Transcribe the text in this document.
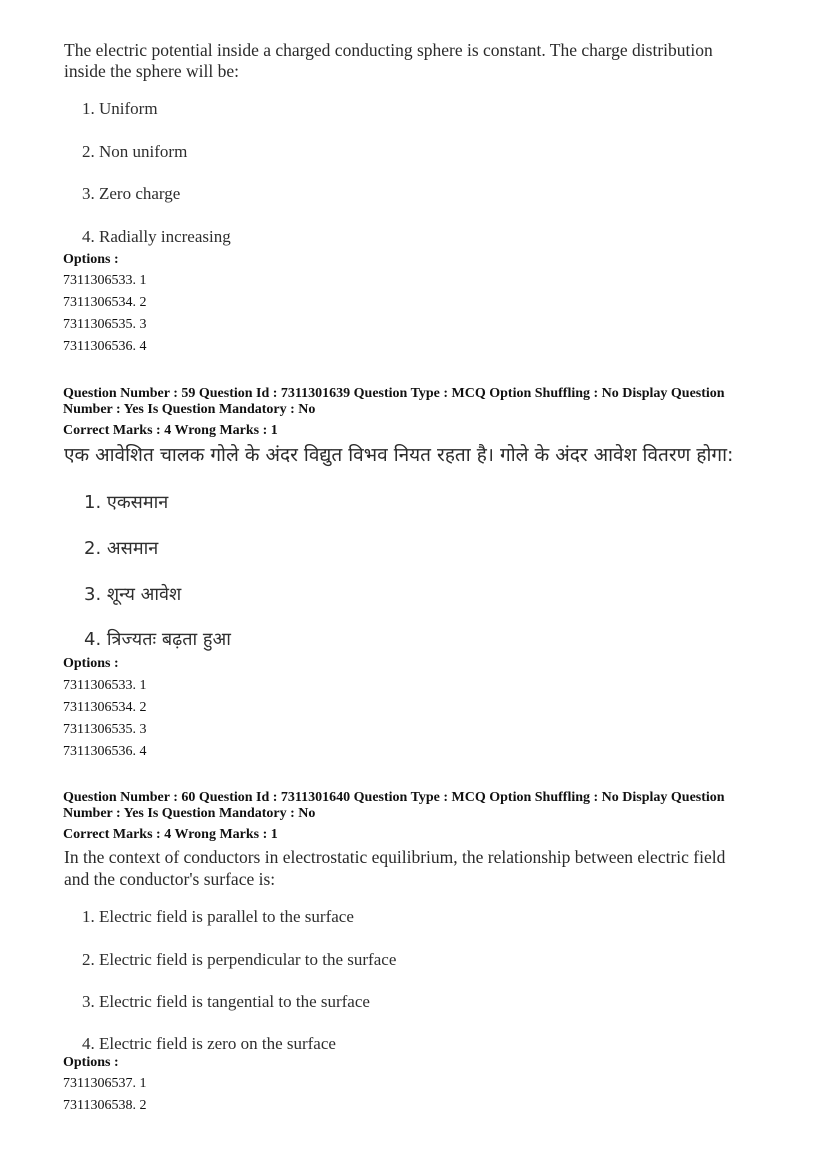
The electric potential inside a charged conducting sphere is constant. The charge distribution
inside the sphere will be:
1. Uniform
2. Non uniform
3. Zero charge
4. Radially increasing
Options :
7311306533. 1
7311306534. 2
7311306535. 3
7311306536. 4
Question Number : 59 Question Id : 7311301639 Question Type : MCQ Option Shuffling : No Display Question
Number : Yes Is Question Mandatory : No
Correct Marks : 4 Wrong Marks : 1
एक आवेशित चालक गोले के अंदर विद्युत विभव नियत रहता है। गोले के अंदर आवेश वितरण होगा:
1. एकसमान
2. असमान
3. शून्य आवेश
4. त्रिज्यतः बढ़ता हुआ
Options :
7311306533. 1
7311306534. 2
7311306535. 3
7311306536. 4
Question Number : 60 Question Id : 7311301640 Question Type : MCQ Option Shuffling : No Display Question
Number : Yes Is Question Mandatory : No
Correct Marks : 4 Wrong Marks : 1
In the context of conductors in electrostatic equilibrium, the relationship between electric field
and the conductor's surface is:
1. Electric field is parallel to the surface
2. Electric field is perpendicular to the surface
3. Electric field is tangential to the surface
4. Electric field is zero on the surface
Options :
7311306537. 1
7311306538. 2
